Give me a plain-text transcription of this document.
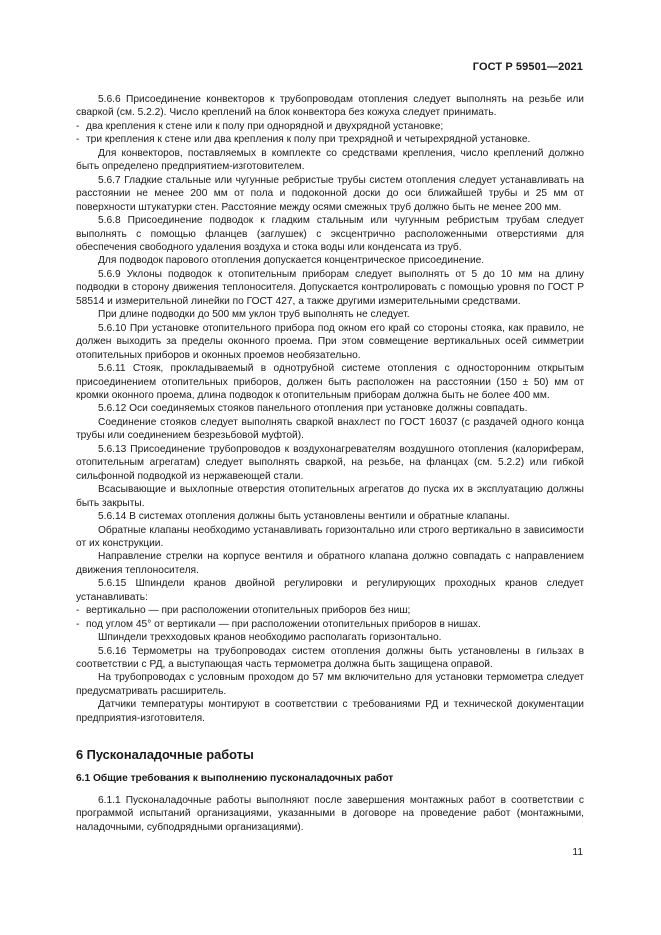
ГОСТ Р 59501—2021

5.6.6 Присоединение конвекторов к трубопроводам отопления следует выполнять на резьбе или сваркой (см. 5.2.2). Число креплений на блок конвектора без кожуха следует принимать.

- два крепления к стене или к полу при однорядной и двухрядной установке;

- три крепления к стене или два крепления к полу при трехрядной и четырехрядной установке.

Для конвекторов, поставляемых в комплекте со средствами крепления, число креплений должно быть определено предприятием-изготовителем.

5.6.7 Гладкие стальные или чугунные ребристые трубы систем отопления следует устанавливать на расстоянии не менее 200 мм от пола и подоконной доски до оси ближайшей трубы и 25 мм от поверхности штукатурки стен. Расстояние между осями смежных труб должно быть не менее 200 мм.

5.6.8 Присоединение подводок к гладким стальным или чугунным ребристым трубам следует выполнять с помощью фланцев (заглушек) с эксцентрично расположенными отверстиями для обеспечения свободного удаления воздуха и стока воды или конденсата из труб.

Для подводок парового отопления допускается концентрическое присоединение.

5.6.9 Уклоны подводок к отопительным приборам следует выполнять от 5 до 10 мм на длину подводки в сторону движения теплоносителя. Допускается контролировать с помощью уровня по ГОСТ Р 58514 и измерительной линейки по ГОСТ 427, а также другими измерительными средствами.

При длине подводки до 500 мм уклон труб выполнять не следует.

5.6.10 При установке отопительного прибора под окном его край со стороны стояка, как правило, не должен выходить за пределы оконного проема. При этом совмещение вертикальных осей симметрии отопительных приборов и оконных проемов необязательно.

5.6.11 Стояк, прокладываемый в однотрубной системе отопления с односторонним открытым присоединением отопительных приборов, должен быть расположен на расстоянии (150 ± 50) мм от кромки оконного проема, длина подводок к отопительным приборам должна быть не более 400 мм.

5.6.12 Оси соединяемых стояков панельного отопления при установке должны совпадать.

Соединение стояков следует выполнять сваркой внахлест по ГОСТ 16037 (с раздачей одного конца трубы или соединением безрезьбовой муфтой).

5.6.13 Присоединение трубопроводов к воздухонагревателям воздушного отопления (калориферам, отопительным агрегатам) следует выполнять сваркой, на резьбе, на фланцах (см. 5.2.2) или гибкой сильфонной подводкой из нержавеющей стали.

Всасывающие и выхлопные отверстия отопительных агрегатов до пуска их в эксплуатацию должны быть закрыты.

5.6.14 В системах отопления должны быть установлены вентили и обратные клапаны.

Обратные клапаны необходимо устанавливать горизонтально или строго вертикально в зависимости от их конструкции.

Направление стрелки на корпусе вентиля и обратного клапана должно совпадать с направлением движения теплоносителя.

5.6.15 Шпиндели кранов двойной регулировки и регулирующих проходных кранов следует устанавливать:

- вертикально — при расположении отопительных приборов без ниш;

- под углом 45° от вертикали — при расположении отопительных приборов в нишах.

Шпиндели трехходовых кранов необходимо располагать горизонтально.

5.6.16 Термометры на трубопроводах систем отопления должны быть установлены в гильзах в соответствии с РД, а выступающая часть термометра должна быть защищена оправой.

На трубопроводах с условным проходом до 57 мм включительно для установки термометра следует предусматривать расширитель.

Датчики температуры монтируют в соответствии с требованиями РД и технической документации предприятия-изготовителя.

6 Пусконаладочные работы
6.1 Общие требования к выполнению пусконаладочных работ

6.1.1 Пусконаладочные работы выполняют после завершения монтажных работ в соответствии с программой испытаний организациями, указанными в договоре на проведение работ (монтажными, наладочными, субподрядными организациями).

11
